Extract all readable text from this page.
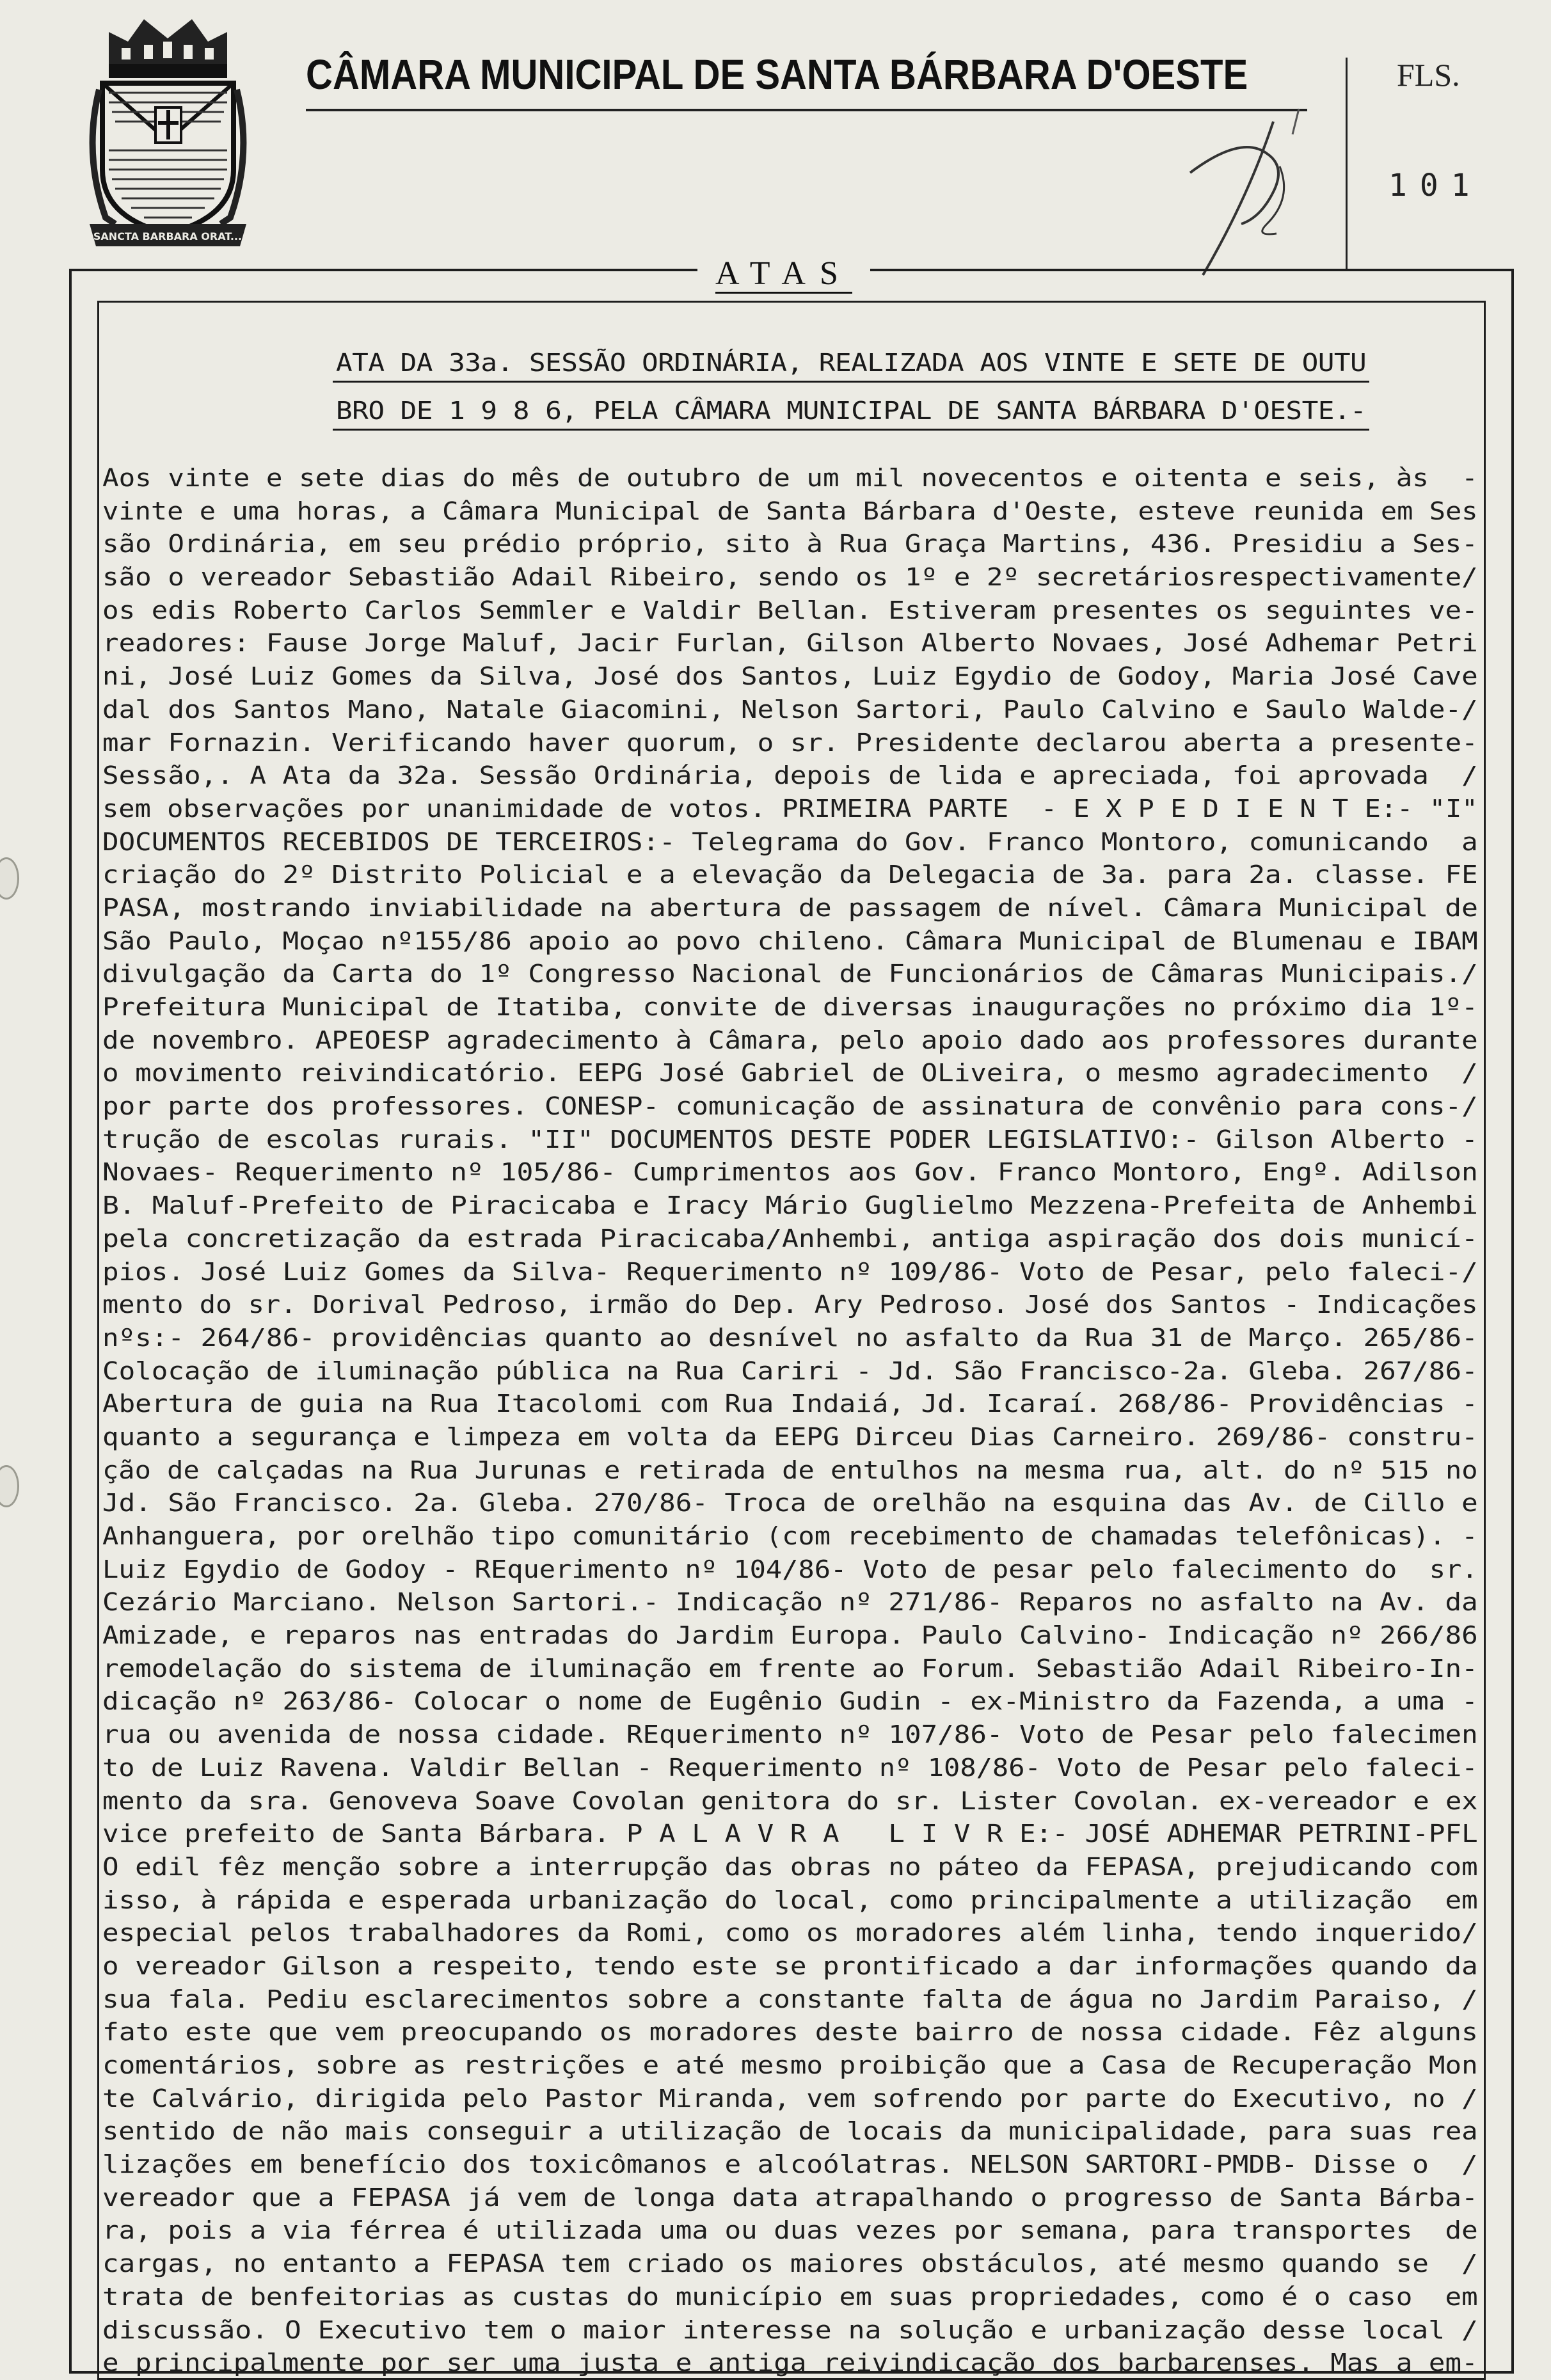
SANCTA BARBARA ORAT...
CÂMARA MUNICIPAL DE SANTA BÁRBARA D'OESTE	FLS.
101
ATAS
ATA DA 33a. SESSÃO ORDINÁRIA, REALIZADA AOS VINTE E SETE DE OUTU
BRO DE 1 9 8 6, PELA CÂMARA MUNICIPAL DE SANTA BÁRBARA D'OESTE.-
Aos vinte e sete dias do mês de outubro de um mil novecentos e oitenta e seis, às  -
vinte e uma horas, a Câmara Municipal de Santa Bárbara d'Oeste, esteve reunida em Ses
são Ordinária, em seu prédio próprio, sito à Rua Graça Martins, 436. Presidiu a Ses-
são o vereador Sebastião Adail Ribeiro, sendo os 1º e 2º secretáriosrespectivamente/
os edis Roberto Carlos Semmler e Valdir Bellan. Estiveram presentes os seguintes ve-
readores: Fause Jorge Maluf, Jacir Furlan, Gilson Alberto Novaes, José Adhemar Petri
ni, José Luiz Gomes da Silva, José dos Santos, Luiz Egydio de Godoy, Maria José Cave
dal dos Santos Mano, Natale Giacomini, Nelson Sartori, Paulo Calvino e Saulo Walde-/
mar Fornazin. Verificando haver quorum, o sr. Presidente declarou aberta a presente-
Sessão,. A Ata da 32a. Sessão Ordinária, depois de lida e apreciada, foi aprovada  /
sem observações por unanimidade de votos. PRIMEIRA PARTE  - E X P E D I E N T E:- "I"
DOCUMENTOS RECEBIDOS DE TERCEIROS:- Telegrama do Gov. Franco Montoro, comunicando  a
criação do 2º Distrito Policial e a elevação da Delegacia de 3a. para 2a. classe. FE
PASA, mostrando inviabilidade na abertura de passagem de nível. Câmara Municipal de
São Paulo, Moçao nº155/86 apoio ao povo chileno. Câmara Municipal de Blumenau e IBAM
divulgação da Carta do 1º Congresso Nacional de Funcionários de Câmaras Municipais./
Prefeitura Municipal de Itatiba, convite de diversas inaugurações no próximo dia 1º-
de novembro. APEOESP agradecimento à Câmara, pelo apoio dado aos professores durante
o movimento reivindicatório. EEPG José Gabriel de OLiveira, o mesmo agradecimento  /
por parte dos professores. CONESP- comunicação de assinatura de convênio para cons-/
trução de escolas rurais. "II" DOCUMENTOS DESTE PODER LEGISLATIVO:- Gilson Alberto -
Novaes- Requerimento nº 105/86- Cumprimentos aos Gov. Franco Montoro, Engº. Adilson
B. Maluf-Prefeito de Piracicaba e Iracy Mário Guglielmo Mezzena-Prefeita de Anhembi
pela concretização da estrada Piracicaba/Anhembi, antiga aspiração dos dois municí-
pios. José Luiz Gomes da Silva- Requerimento nº 109/86- Voto de Pesar, pelo faleci-/
mento do sr. Dorival Pedroso, irmão do Dep. Ary Pedroso. José dos Santos - Indicações
nºs:- 264/86- providências quanto ao desnível no asfalto da Rua 31 de Março. 265/86-
Colocação de iluminação pública na Rua Cariri - Jd. São Francisco-2a. Gleba. 267/86-
Abertura de guia na Rua Itacolomi com Rua Indaiá, Jd. Icaraí. 268/86- Providências -
quanto a segurança e limpeza em volta da EEPG Dirceu Dias Carneiro. 269/86- constru-
ção de calçadas na Rua Jurunas e retirada de entulhos na mesma rua, alt. do nº 515 no
Jd. São Francisco. 2a. Gleba. 270/86- Troca de orelhão na esquina das Av. de Cillo e
Anhanguera, por orelhão tipo comunitário (com recebimento de chamadas telefônicas). -
Luiz Egydio de Godoy - REquerimento nº 104/86- Voto de pesar pelo falecimento do  sr.
Cezário Marciano. Nelson Sartori.- Indicação nº 271/86- Reparos no asfalto na Av. da
Amizade, e reparos nas entradas do Jardim Europa. Paulo Calvino- Indicação nº 266/86
remodelação do sistema de iluminação em frente ao Forum. Sebastião Adail Ribeiro-In-
dicação nº 263/86- Colocar o nome de Eugênio Gudin - ex-Ministro da Fazenda, a uma -
rua ou avenida de nossa cidade. REquerimento nº 107/86- Voto de Pesar pelo falecimen
to de Luiz Ravena. Valdir Bellan - Requerimento nº 108/86- Voto de Pesar pelo faleci-
mento da sra. Genoveva Soave Covolan genitora do sr. Lister Covolan. ex-vereador e ex
vice prefeito de Santa Bárbara. P A L A V R A   L I V R E:- JOSÉ ADHEMAR PETRINI-PFL
O edil fêz menção sobre a interrupção das obras no páteo da FEPASA, prejudicando com
isso, à rápida e esperada urbanização do local, como principalmente a utilização  em
especial pelos trabalhadores da Romi, como os moradores além linha, tendo inquerido/
o vereador Gilson a respeito, tendo este se prontificado a dar informações quando da
sua fala. Pediu esclarecimentos sobre a constante falta de água no Jardim Paraiso, /
fato este que vem preocupando os moradores deste bairro de nossa cidade. Fêz alguns
comentários, sobre as restrições e até mesmo proibição que a Casa de Recuperação Mon
te Calvário, dirigida pelo Pastor Miranda, vem sofrendo por parte do Executivo, no /
sentido de não mais conseguir a utilização de locais da municipalidade, para suas rea
lizações em benefício dos toxicômanos e alcoólatras. NELSON SARTORI-PMDB- Disse o  /
vereador que a FEPASA já vem de longa data atrapalhando o progresso de Santa Bárba-
ra, pois a via férrea é utilizada uma ou duas vezes por semana, para transportes  de
cargas, no entanto a FEPASA tem criado os maiores obstáculos, até mesmo quando se  /
trata de benfeitorias as custas do município em suas propriedades, como é o caso  em
discussão. O Executivo tem o maior interesse na solução e urbanização desse local /
e principalmente por ser uma justa e antiga reivindicação dos barbarenses. Mas a em-
